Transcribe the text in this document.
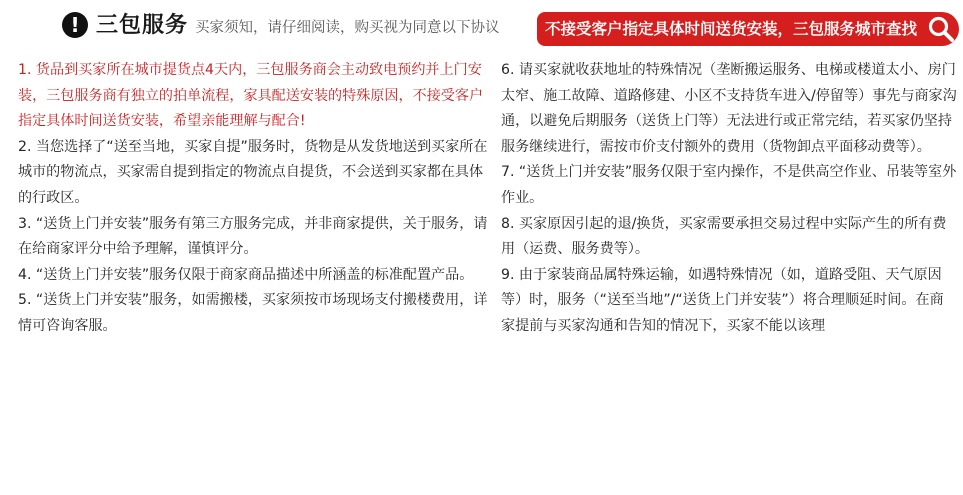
! 三包服务 买家须知，请仔细阅读，购买视为同意以下协议	不接受客户指定具体时间送货安装，三包服务城市查找

1. 货品到买家所在城市提货点4天内，三包服务商会主动致电预约并上门安装，三包服务商有独立的拍单流程，家具配送安装的特殊原因，不接受客户指定具体时间送货安装，希望亲能理解与配合!

2. 当您选择了“送至当地，买家自提”服务时，货物是从发货地送到买家所在城市的物流点，买家需自提到指定的物流点自提货，不会送到买家都在具体的行政区。

3. “送货上门并安装”服务有第三方服务完成，并非商家提供，关于服务，请在给商家评分中给予理解，谨慎评分。

4. “送货上门并安装”服务仅限于商家商品描述中所涵盖的标准配置产品。

5. “送货上门并安装”服务，如需搬楼，买家须按市场现场支付搬楼费用，详情可咨询客服。

6. 请买家就收获地址的特殊情况（垄断搬运服务、电梯或楼道太小、房门太窄、施工故障、道路修建、小区不支持货车进入/停留等）事先与商家沟通，以避免后期服务（送货上门等）无法进行或正常完结，若买家仍坚持服务继续进行，需按市价支付额外的费用（货物卸点平面移动费等）。

7. “送货上门并安装”服务仅限于室内操作，不是供高空作业、吊装等室外作业。

8. 买家原因引起的退/换货，买家需要承担交易过程中实际产生的所有费用（运费、服务费等）。

9. 由于家装商品属特殊运输，如遇特殊情况（如，道路受阻、天气原因等）时，服务（“送至当地”/“送货上门并安装”）将合理顺延时间。在商家提前与买家沟通和告知的情况下，买家不能以该理
